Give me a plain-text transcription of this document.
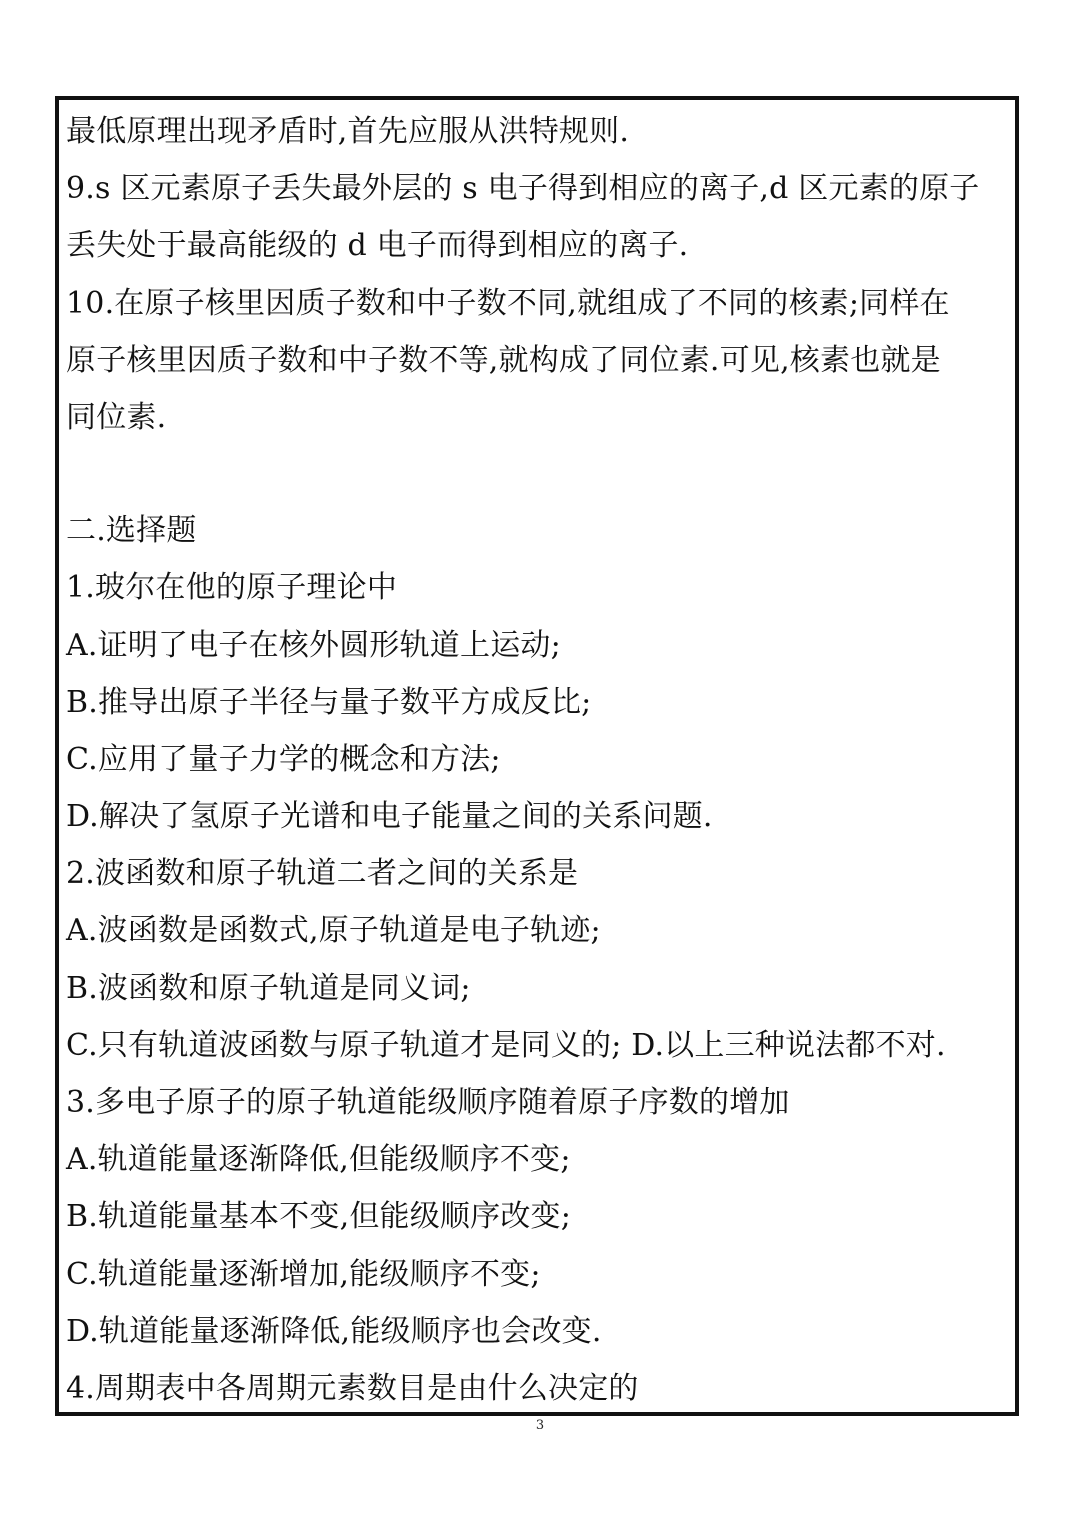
最低原理出现矛盾时,首先应服从洪特规则.
9.s 区元素原子丢失最外层的 s 电子得到相应的离子,d 区元素的原子
丢失处于最高能级的 d 电子而得到相应的离子.
10.在原子核里因质子数和中子数不同,就组成了不同的核素;同样在
原子核里因质子数和中子数不等,就构成了同位素.可见,核素也就是
同位素.
二.选择题
1.玻尔在他的原子理论中
A.证明了电子在核外圆形轨道上运动;
B.推导出原子半径与量子数平方成反比;
C.应用了量子力学的概念和方法;
D.解决了氢原子光谱和电子能量之间的关系问题.
2.波函数和原子轨道二者之间的关系是
A.波函数是函数式,原子轨道是电子轨迹;
B.波函数和原子轨道是同义词;
C.只有轨道波函数与原子轨道才是同义的; D.以上三种说法都不对.
3.多电子原子的原子轨道能级顺序随着原子序数的增加
A.轨道能量逐渐降低,但能级顺序不变;
B.轨道能量基本不变,但能级顺序改变;
C.轨道能量逐渐增加,能级顺序不变;
D.轨道能量逐渐降低,能级顺序也会改变.
4.周期表中各周期元素数目是由什么决定的
3
